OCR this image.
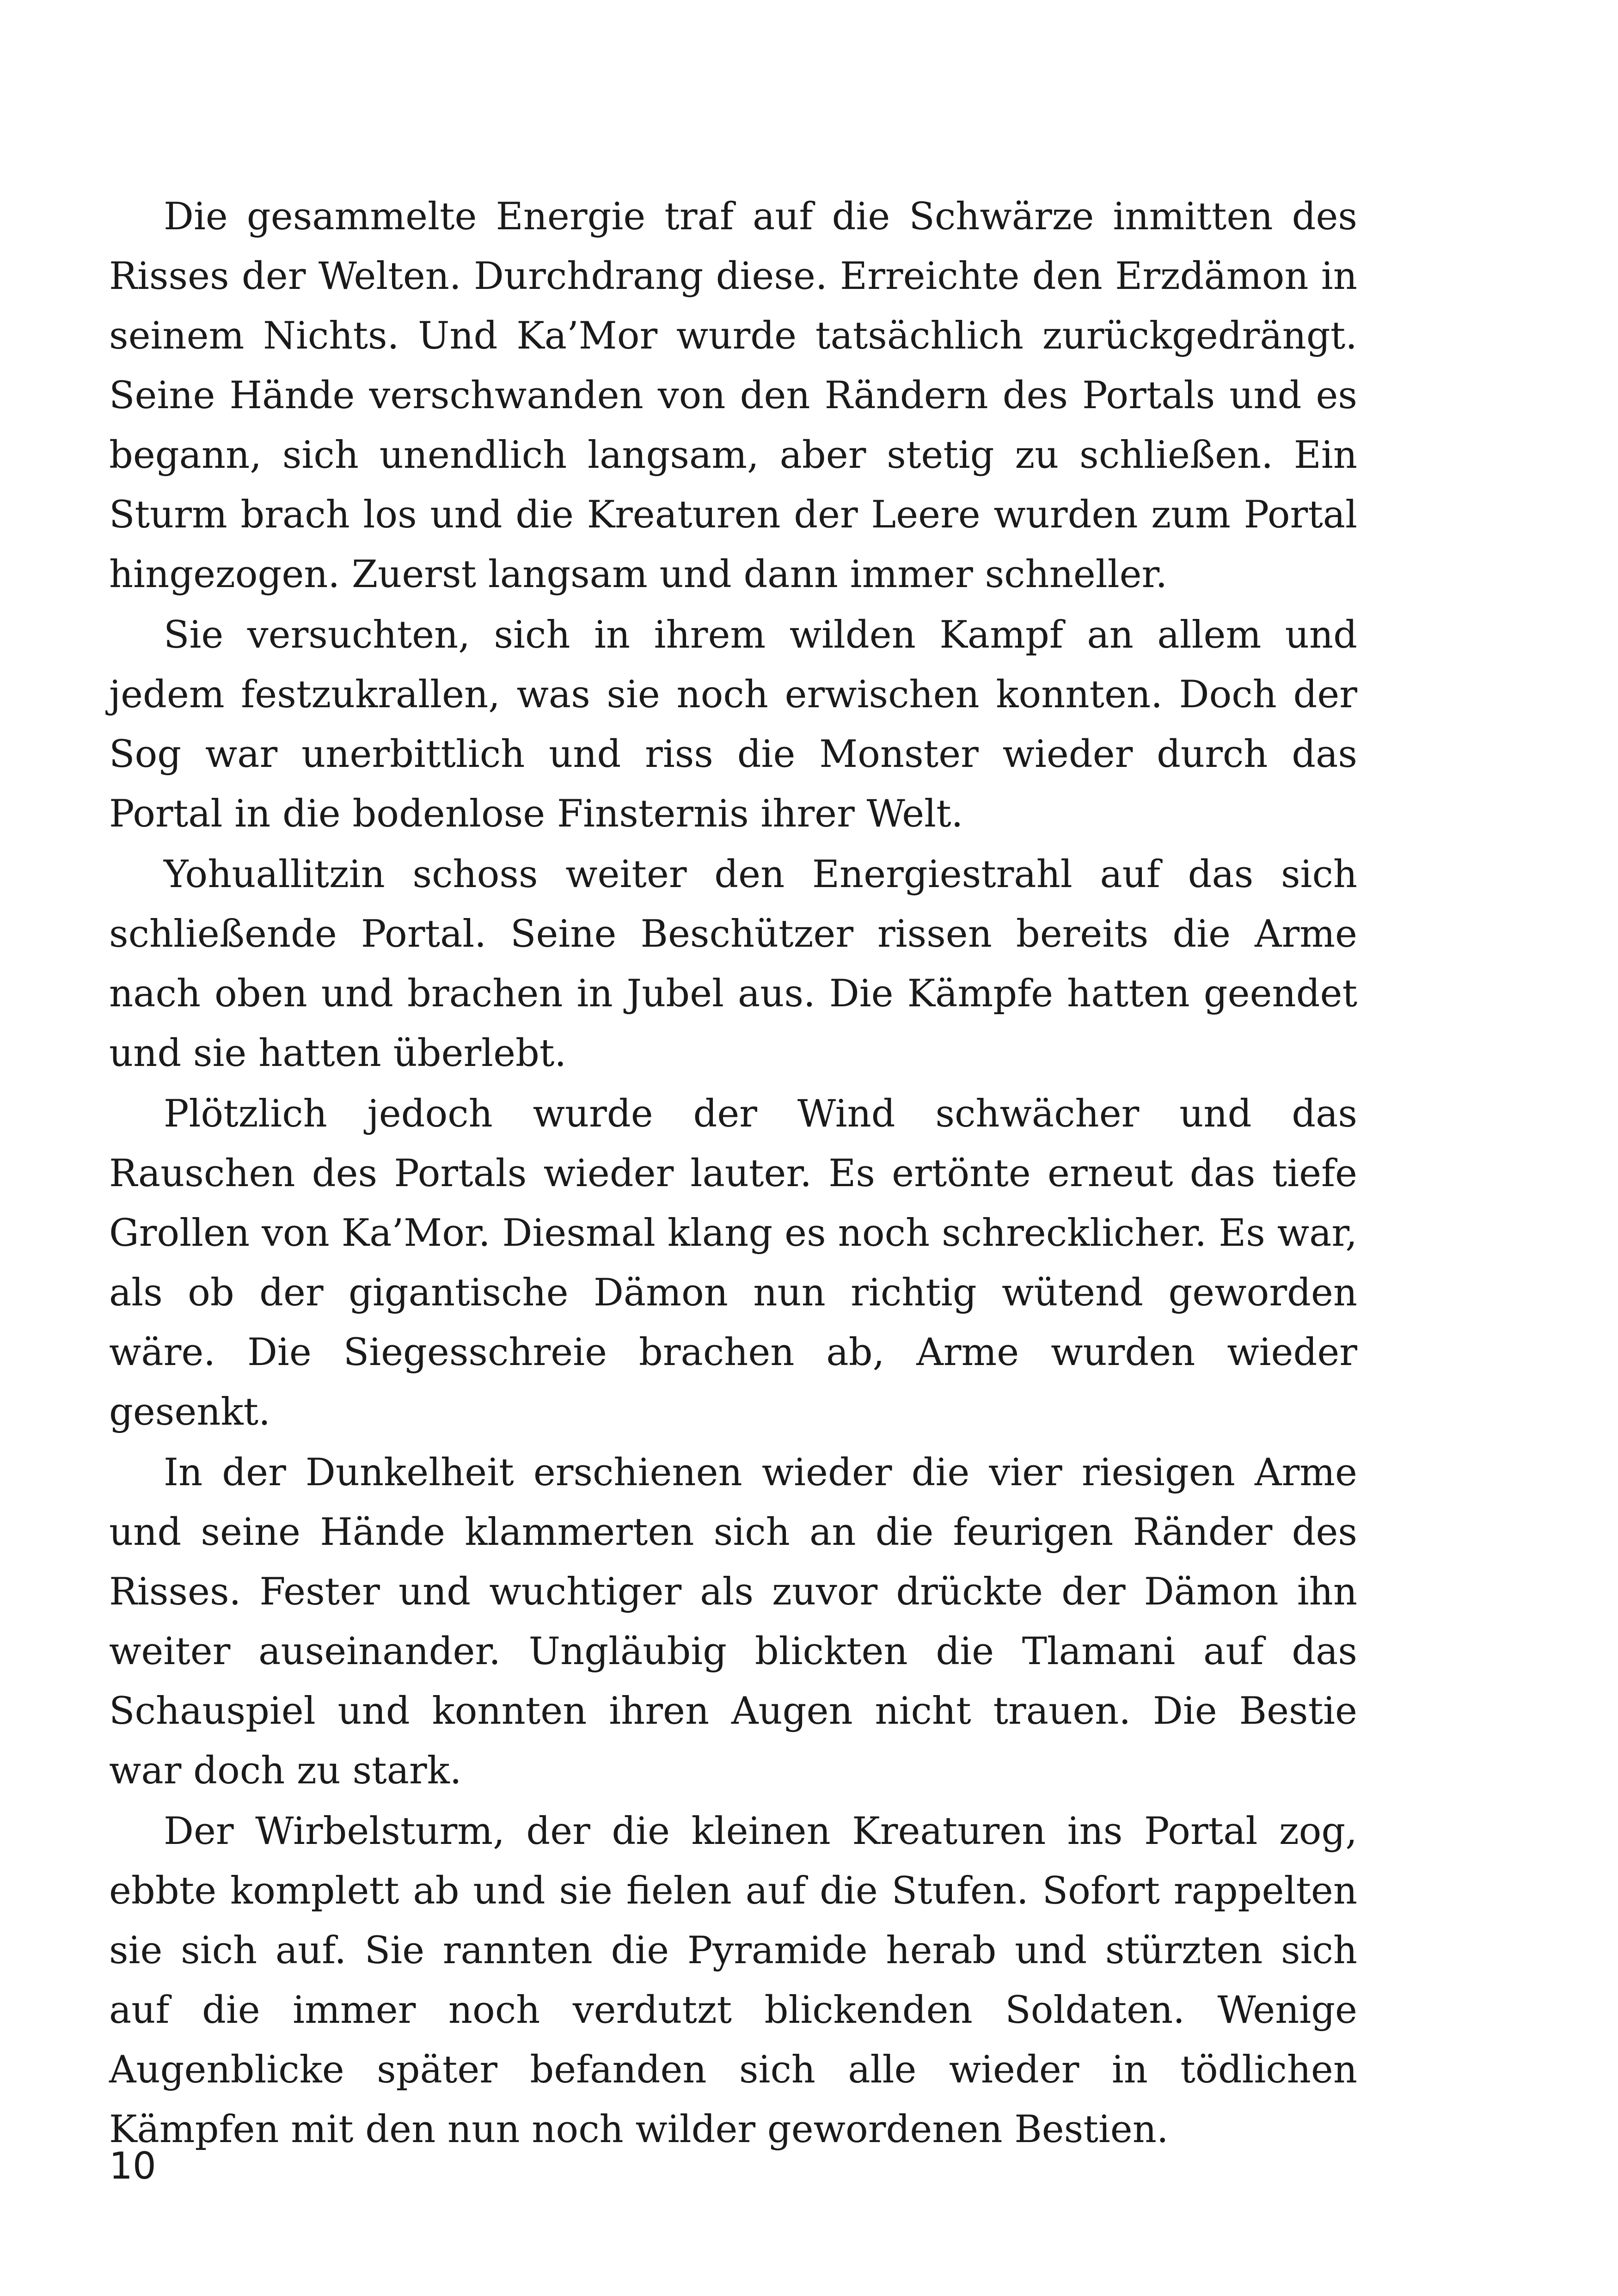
Die gesammelte Energie traf auf die Schwärze inmitten des Risses der Welten. Durchdrang diese. Erreichte den Erzdämon in seinem Nichts. Und Ka’Mor wurde tatsächlich zurückgedrängt. Seine Hände verschwanden von den Rändern des Portals und es begann, sich unendlich langsam, aber stetig zu schließen. Ein Sturm brach los und die Kreaturen der Leere wurden zum Portal hingezogen. Zuerst langsam und dann immer schneller.

Sie versuchten, sich in ihrem wilden Kampf an allem und jedem festzukrallen, was sie noch erwischen konnten. Doch der Sog war unerbittlich und riss die Monster wieder durch das Portal in die bodenlose Finsternis ihrer Welt.

Yohuallitzin schoss weiter den Energiestrahl auf das sich schließende Portal. Seine Beschützer rissen bereits die Arme nach oben und brachen in Jubel aus. Die Kämpfe hatten geendet und sie hatten überlebt.

Plötzlich jedoch wurde der Wind schwächer und das Rauschen des Portals wieder lauter. Es ertönte erneut das tiefe Grollen von Ka’Mor. Diesmal klang es noch schrecklicher. Es war, als ob der gigantische Dämon nun richtig wütend geworden wäre. Die Siegesschreie brachen ab, Arme wurden wieder gesenkt.

In der Dunkelheit erschienen wieder die vier riesigen Arme und seine Hände klammerten sich an die feurigen Ränder des Risses. Fester und wuchtiger als zuvor drückte der Dämon ihn weiter auseinander. Ungläubig blickten die Tlamani auf das Schauspiel und konnten ihren Augen nicht trauen. Die Bestie war doch zu stark.

Der Wirbelsturm, der die kleinen Kreaturen ins Portal zog, ebbte komplett ab und sie fielen auf die Stufen. Sofort rappelten sie sich auf. Sie rannten die Pyramide herab und stürzten sich auf die immer noch verdutzt blickenden Soldaten. Wenige Augenblicke später befanden sich alle wieder in tödlichen Kämpfen mit den nun noch wilder gewordenen Bestien.

10
